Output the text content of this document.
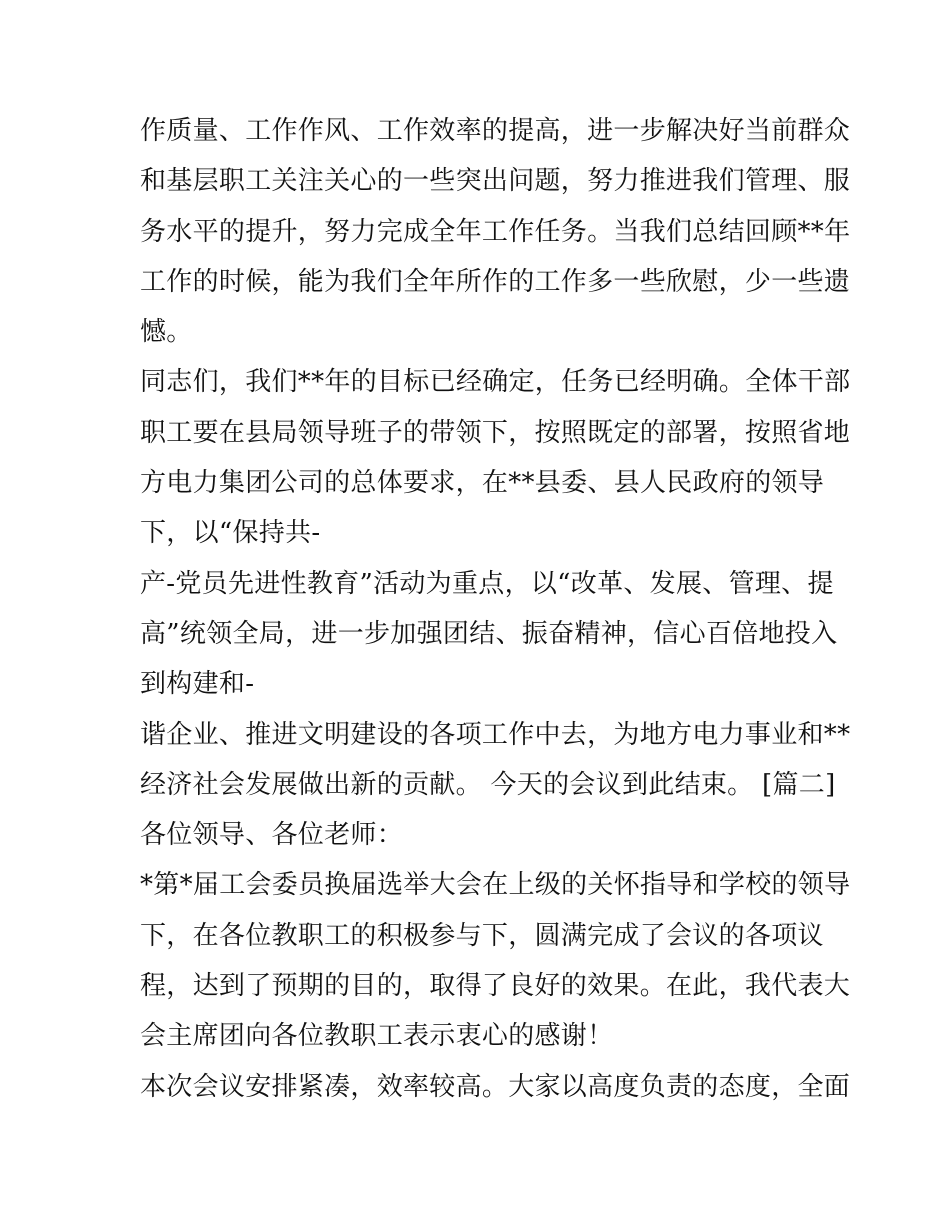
作质量、工作作风、工作效率的提高，进一步解决好当前群众

和基层职工关注关心的一些突出问题，努力推进我们管理、服

务水平的提升，努力完成全年工作任务。当我们总结回顾**年

工作的时候，能为我们全年所作的工作多一些欣慰，少一些遗

憾。

同志们，我们**年的目标已经确定，任务已经明确。全体干部

职工要在县局领导班子的带领下，按照既定的部署，按照省地

方电力集团公司的总体要求，在**县委、县人民政府的领导

下，以“保持共-

产-党员先进性教育”活动为重点，以“改革、发展、管理、提

高”统领全局，进一步加强团结、振奋精神，信心百倍地投入

到构建和-

谐企业、推进文明建设的各项工作中去，为地方电力事业和**

经济社会发展做出新的贡献。 今天的会议到此结束。 [篇二]

各位领导、各位老师：

*第*届工会委员换届选举大会在上级的关怀指导和学校的领导

下，在各位教职工的积极参与下，圆满完成了会议的各项议

程，达到了预期的目的，取得了良好的效果。在此，我代表大

会主席团向各位教职工表示衷心的感谢！

本次会议安排紧凑，效率较高。大家以高度负责的态度，全面
